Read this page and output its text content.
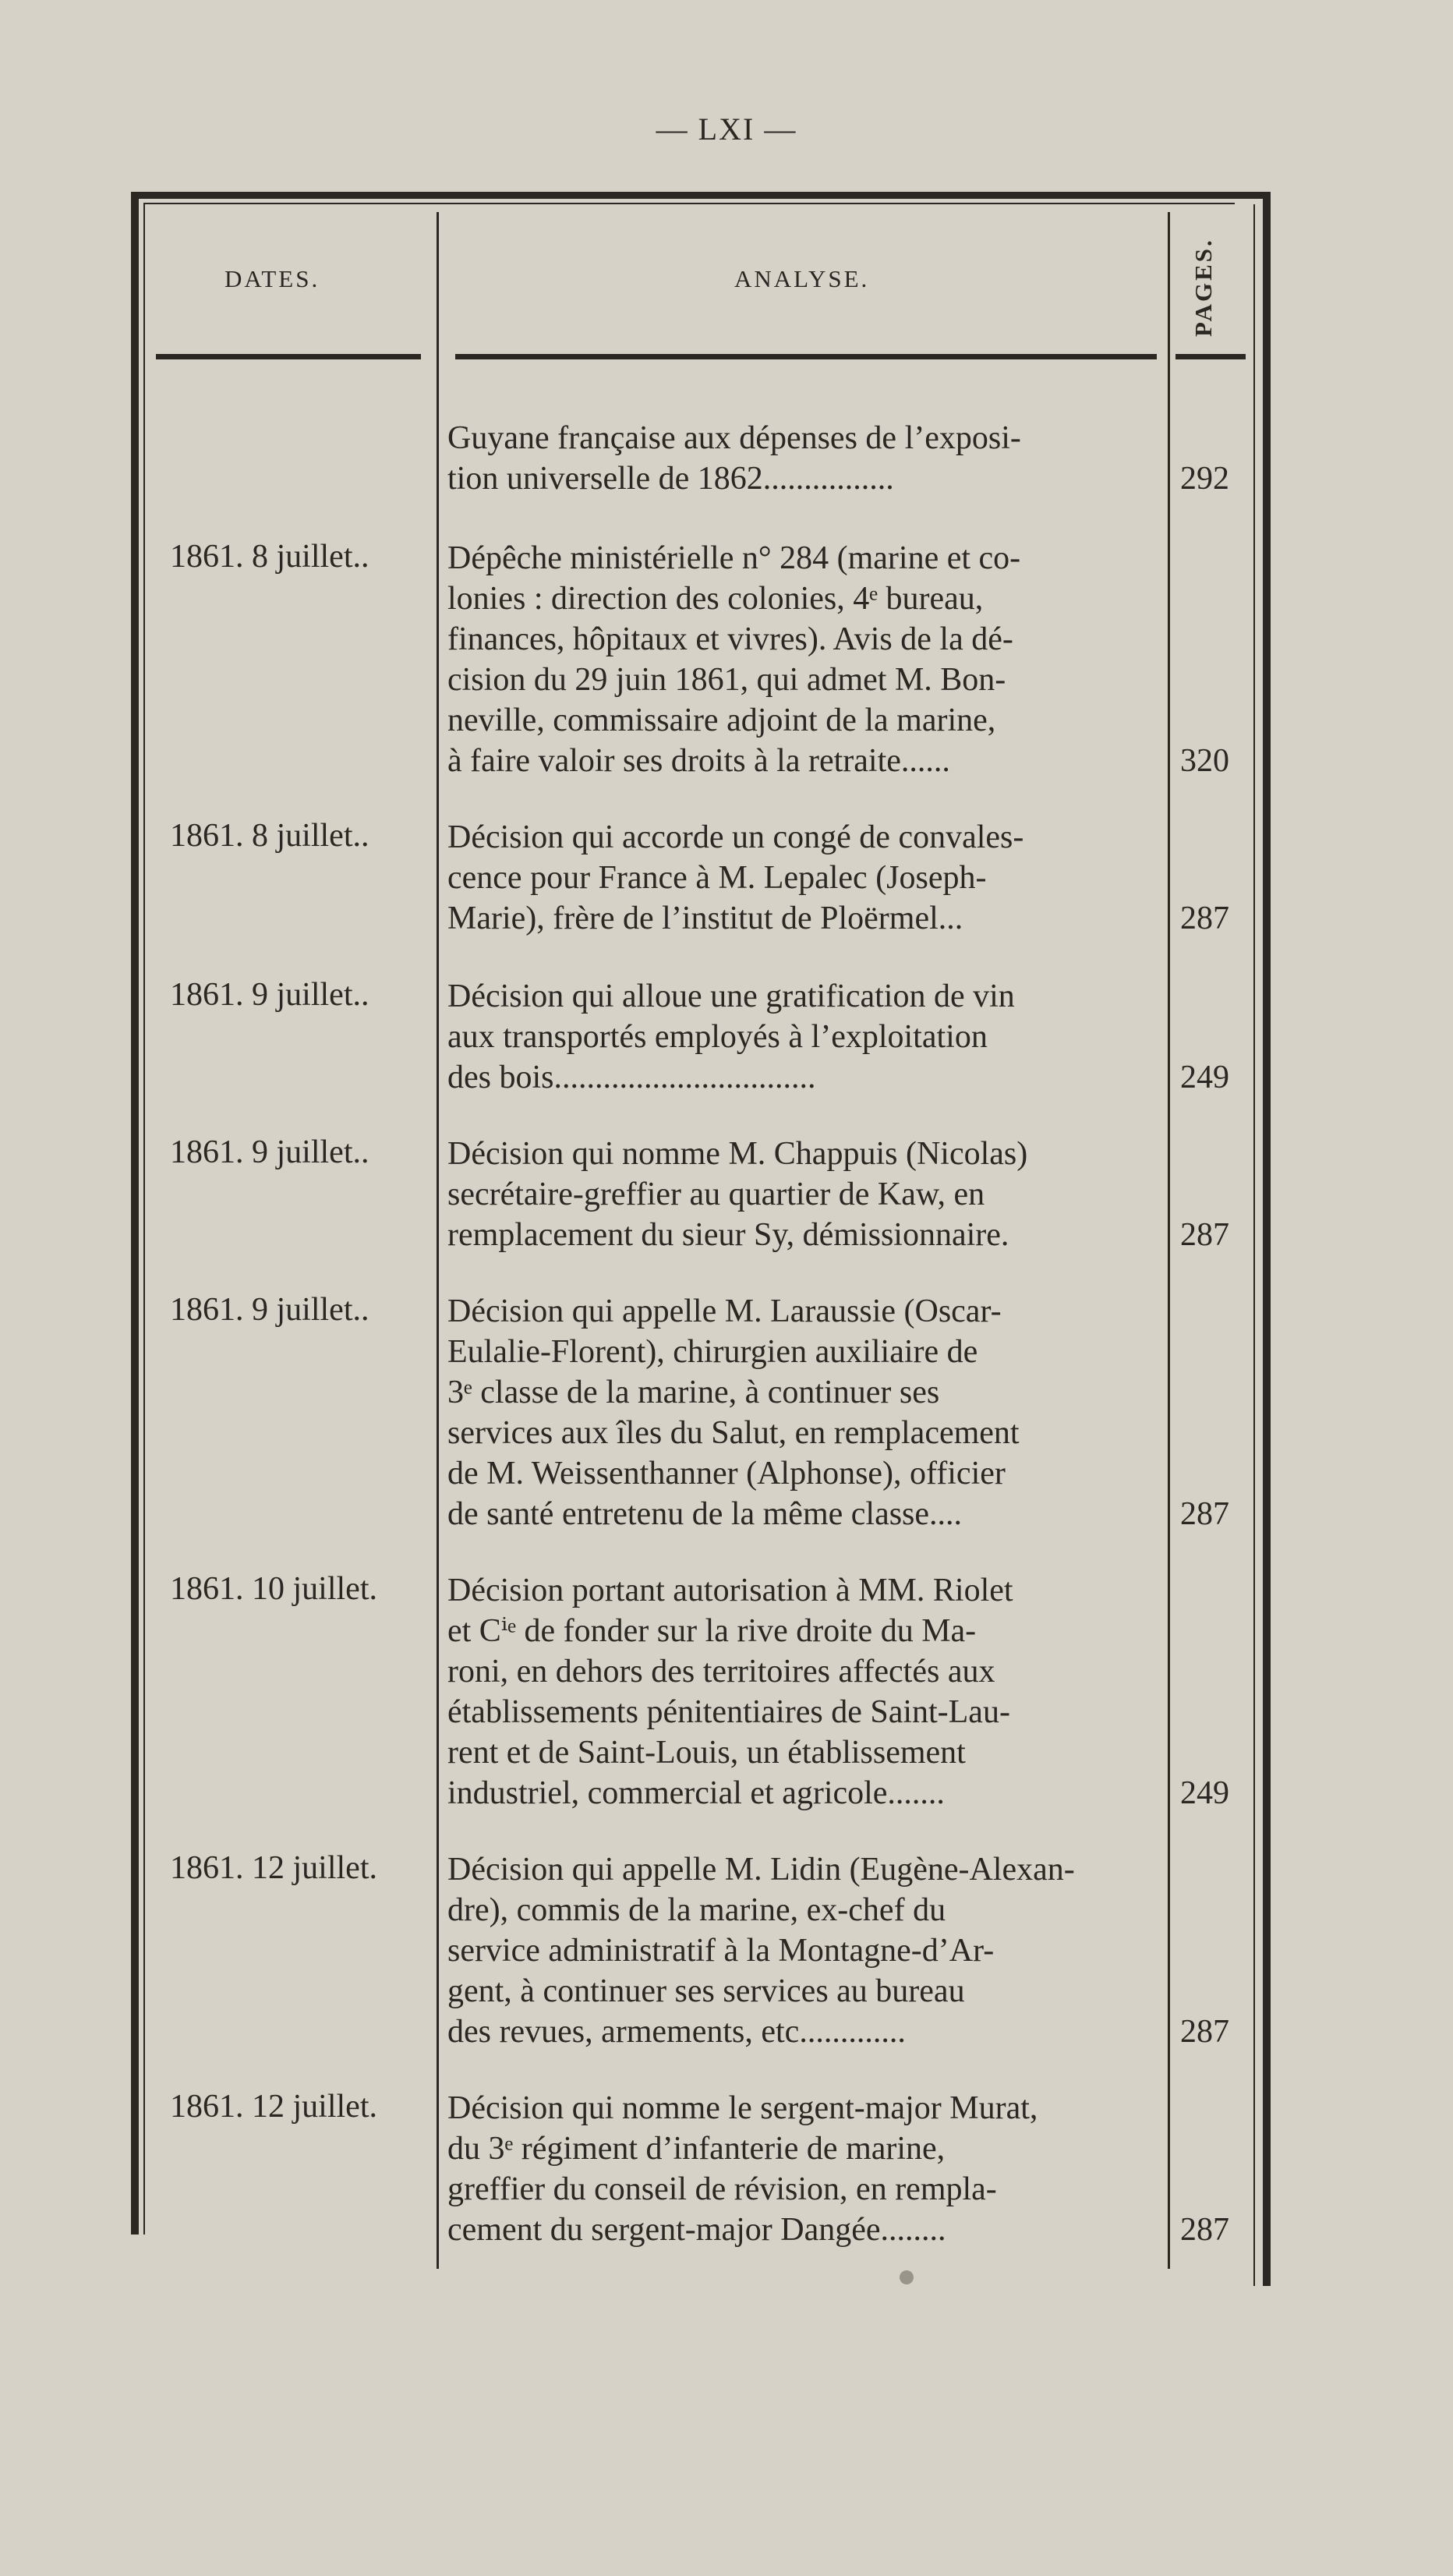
— LXI —
DATES.	ANALYSE.	PAGES.

Guyane française aux dépenses de l’exposi-

tion universelle de 1862................	292
1861. 8 juillet.. Dépêche ministérielle n° 284 (marine et co-

lonies : direction des colonies, 4ᵉ bureau,

finances, hôpitaux et vivres). Avis de la dé-

cision du 29 juin 1861, qui admet M. Bon-

neville, commissaire adjoint de la marine,

à faire valoir ses droits à la retraite......	320
1861. 8 juillet.. Décision qui accorde un congé de convales-

cence pour France à M. Lepalec (Joseph-

Marie), frère de l’institut de Ploërmel...	287
1861. 9 juillet.. Décision qui alloue une gratification de vin

aux transportés employés à l’exploitation

des bois................................	249
1861. 9 juillet.. Décision qui nomme M. Chappuis (Nicolas)

secrétaire-greffier au quartier de Kaw, en

remplacement du sieur Sy, démissionnaire.	287
1861. 9 juillet.. Décision qui appelle M. Laraussie (Oscar-

Eulalie-Florent), chirurgien auxiliaire de

3ᵉ classe de la marine, à continuer ses

services aux îles du Salut, en remplacement

de M. Weissenthanner (Alphonse), officier

de santé entretenu de la même classe....	287
1861. 10 juillet. Décision portant autorisation à MM. Riolet

et Cⁱᵉ de fonder sur la rive droite du Ma-

roni, en dehors des territoires affectés aux

établissements pénitentiaires de Saint-Lau-

rent et de Saint-Louis, un établissement

industriel, commercial et agricole.......	249
1861. 12 juillet. Décision qui appelle M. Lidin (Eugène-Alexan-

dre), commis de la marine, ex-chef du

service administratif à la Montagne-d’Ar-

gent, à continuer ses services au bureau

des revues, armements, etc.............	287
1861. 12 juillet. Décision qui nomme le sergent-major Murat,

du 3ᵉ régiment d’infanterie de marine,

greffier du conseil de révision, en rempla-

cement du sergent-major Dangée........	287
